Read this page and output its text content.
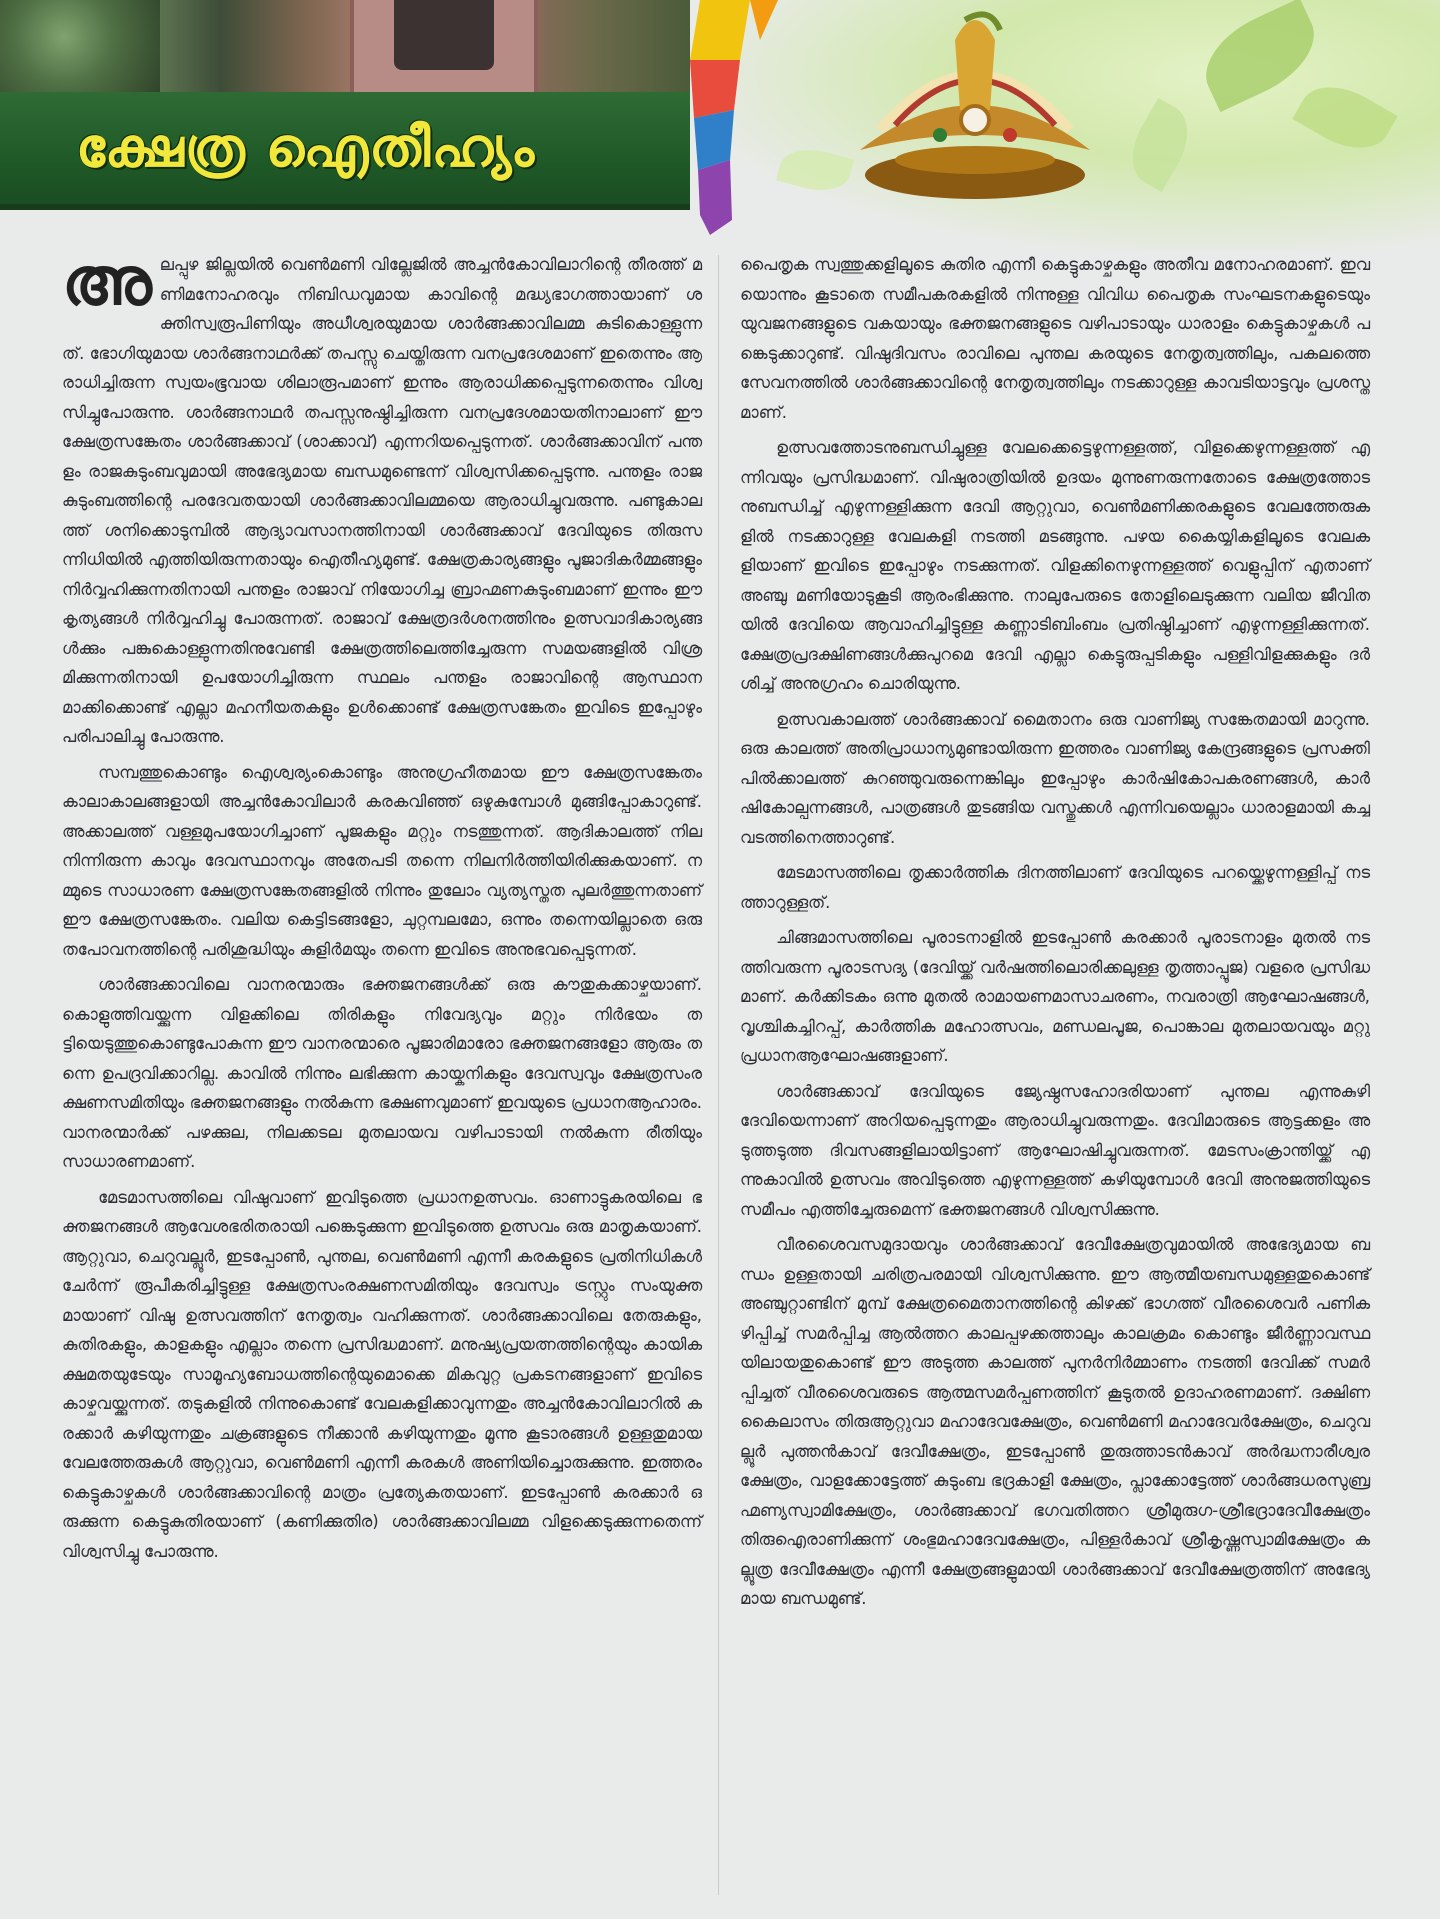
ക്ഷേത്ര ഐതീഹ്യം

അലപ്പുഴ ജില്ലയിൽ വെൺമണി വില്ലേജിൽ അച്ചൻകോവിലാറിന്റെ തീരത്ത് മണിമനോഹരവും നിബിഡവുമായ കാവിന്റെ മദ്ധ്യഭാഗത്തായാണ് ശക്തിസ്വരൂപിണിയും അധീശ്വരയുമായ ശാർങ്ങക്കാവിലമ്മ കുടികൊള്ളുന്നത്. ഭോഗിയുമായ ശാർങ്ങനാഥർക്ക് തപസ്സു ചെയ്തിരുന്ന വനപ്രദേശമാണ് ഇതെന്നും ആരാധിച്ചിരുന്ന സ്വയംഭൂവായ ശിലാരൂപമാണ് ഇന്നും ആരാധിക്കപ്പെടുന്നതെന്നും വിശ്വസിച്ചുപോരുന്നു. ശാർങ്ങനാഥർ തപസ്സനുഷ്ഠിച്ചിരുന്ന വനപ്രദേശമായതിനാലാണ് ഈ ക്ഷേത്രസങ്കേതം ശാർങ്ങക്കാവ് (ശാക്കാവ്) എന്നറിയപ്പെടുന്നത്. ശാർങ്ങക്കാവിന് പന്തളം രാജകുടുംബവുമായി അഭേദ്യമായ ബന്ധമുണ്ടെന്ന് വിശ്വസിക്കപ്പെടുന്നു. പന്തളം രാജകുടുംബത്തിന്റെ പരദേവതയായി ശാർങ്ങക്കാവിലമ്മയെ ആരാധിച്ചുവരുന്നു. പണ്ടുകാലത്ത് ശനിക്കൊടുമ്പിൽ ആദ്യാവസാനത്തിനായി ശാർങ്ങക്കാവ് ദേവിയുടെ തിരുസന്നിധിയിൽ എത്തിയിരുന്നതായും ഐതീഹ്യമുണ്ട്. ക്ഷേത്രകാര്യങ്ങളും പൂജാദികർമ്മങ്ങളും നിർവ്വഹിക്കുന്നതിനായി പന്തളം രാജാവ് നിയോഗിച്ച ബ്രാഹ്മണകുടുംബമാണ് ഇന്നും ഈ കൃത്യങ്ങൾ നിർവ്വഹിച്ചു പോരുന്നത്. രാജാവ് ക്ഷേത്രദർശനത്തിനും ഉത്സവാദികാര്യങ്ങൾക്കും പങ്കുകൊള്ളുന്നതിനുവേണ്ടി ക്ഷേത്രത്തിലെത്തിച്ചേരുന്ന സമയങ്ങളിൽ വിശ്രമിക്കുന്നതിനായി ഉപയോഗിച്ചിരുന്ന സ്ഥലം പന്തളം രാജാവിന്റെ ആസ്ഥാനമാക്കിക്കൊണ്ട് എല്ലാ മഹനീയതകളും ഉൾക്കൊണ്ട് ക്ഷേത്രസങ്കേതം ഇവിടെ ഇപ്പോഴും പരിപാലിച്ചു പോരുന്നു.

സമ്പത്തുകൊണ്ടും ഐശ്വര്യംകൊണ്ടും അനുഗ്രഹീതമായ ഈ ക്ഷേത്രസങ്കേതം കാലാകാലങ്ങളായി അച്ചൻകോവിലാർ കരകവിഞ്ഞ് ഒഴുകുമ്പോൾ മുങ്ങിപ്പോകാറുണ്ട്. അക്കാലത്ത് വള്ളമുപയോഗിച്ചാണ് പൂജകളും മറ്റും നടത്തുന്നത്. ആദികാലത്ത് നിലനിന്നിരുന്ന കാവും ദേവസ്ഥാനവും അതേപടി തന്നെ നിലനിർത്തിയിരിക്കുകയാണ്. നമ്മുടെ സാധാരണ ക്ഷേത്രസങ്കേതങ്ങളിൽ നിന്നും തുലോം വ്യത്യസ്തത പുലർത്തുന്നതാണ് ഈ ക്ഷേത്രസങ്കേതം. വലിയ കെട്ടിടങ്ങളോ, ചുറ്റമ്പലമോ, ഒന്നും തന്നെയില്ലാതെ ഒരു തപോവനത്തിന്റെ പരിശുദ്ധിയും കുളിർമയും തന്നെ ഇവിടെ അനുഭവപ്പെടുന്നത്.

ശാർങ്ങക്കാവിലെ വാനരന്മാരും ഭക്തജനങ്ങൾക്ക് ഒരു കൗതുകക്കാഴ്ചയാണ്. കൊളുത്തിവയ്ക്കുന്ന വിളക്കിലെ തിരികളും നിവേദ്യവും മറ്റും നിർഭയം തട്ടിയെടുത്തുകൊണ്ടുപോകുന്ന ഈ വാനരന്മാരെ പൂജാരിമാരോ ഭക്തജനങ്ങളോ ആരും തന്നെ ഉപദ്രവിക്കാറില്ല. കാവിൽ നിന്നും ലഭിക്കുന്ന കായ്കനികളും ദേവസ്വവും ക്ഷേത്രസംരക്ഷണസമിതിയും ഭക്തജനങ്ങളും നൽകുന്ന ഭക്ഷണവുമാണ് ഇവയുടെ പ്രധാനആഹാരം. വാനരന്മാർക്ക് പഴക്കുല, നിലക്കടല മുതലായവ വഴിപാടായി നൽകുന്ന രീതിയും സാധാരണമാണ്.

മേടമാസത്തിലെ വിഷുവാണ് ഇവിടുത്തെ പ്രധാനഉത്സവം. ഓണാട്ടുകരയിലെ ഭക്തജനങ്ങൾ ആവേശഭരിതരായി പങ്കെടുക്കുന്ന ഇവിടുത്തെ ഉത്സവം ഒരു മാതൃകയാണ്. ആറ്റുവാ, ചെറുവല്ലൂർ, ഇടപ്പോൺ, പുന്തല, വെൺമണി എന്നീ കരകളുടെ പ്രതിനിധികൾ ചേർന്ന് രൂപീകരിച്ചിട്ടുള്ള ക്ഷേത്രസംരക്ഷണസമിതിയും ദേവസ്വം ട്രസ്റ്റും സംയുക്തമായാണ് വിഷു ഉത്സവത്തിന് നേതൃത്വം വഹിക്കുന്നത്. ശാർങ്ങക്കാവിലെ തേരുകളും, കുതിരകളും, കാളകളും എല്ലാം തന്നെ പ്രസിദ്ധമാണ്. മനുഷ്യപ്രയത്നത്തിന്റെയും കായിക ക്ഷമതയുടേയും സാമൂഹ്യബോധത്തിന്റെയുമൊക്കെ മികവുറ്റ പ്രകടനങ്ങളാണ് ഇവിടെ കാഴ്ചവയ്ക്കുന്നത്. തടുകളിൽ നിന്നുകൊണ്ട് വേലകളിക്കാവുന്നതും അച്ചൻകോവിലാറിൽ കരക്കാർ കഴിയുന്നതും ചക്രങ്ങളുടെ നീക്കാൻ കഴിയുന്നതും മൂന്നു കൂടാരങ്ങൾ ഉള്ളതുമായ വേലത്തേരുകൾ ആറ്റുവാ, വെൺമണി എന്നീ കരകൾ അണിയിച്ചൊരുക്കുന്നു. ഇത്തരം കെട്ടുകാഴ്ചകൾ ശാർങ്ങക്കാവിന്റെ മാത്രം പ്രത്യേകതയാണ്. ഇടപ്പോൺ കരക്കാർ ഒരുക്കുന്ന കെട്ടുകുതിരയാണ് (കണിക്കുതിര) ശാർങ്ങക്കാവിലമ്മ വിളക്കെടുക്കുന്നതെന്ന് വിശ്വസിച്ചു പോരുന്നു.

പൈതൃക സ്വത്തുക്കളിലൂടെ കുതിര എന്നീ കെട്ടുകാഴ്ചകളും അതീവ മനോഹരമാണ്. ഇവയൊന്നും കൂടാതെ സമീപകരകളിൽ നിന്നുള്ള വിവിധ പൈതൃക സംഘടനകളുടെയും യുവജനങ്ങളുടെ വകയായും ഭക്തജനങ്ങളുടെ വഴിപാടായും ധാരാളം കെട്ടുകാഴ്ചകൾ പങ്കെടുക്കാറുണ്ട്. വിഷുദിവസം രാവിലെ പുന്തല കരയുടെ നേതൃത്വത്തിലും, പകലത്തെ സേവനത്തിൽ ശാർങ്ങക്കാവിന്റെ നേതൃത്വത്തിലും നടക്കാറുള്ള കാവടിയാട്ടവും പ്രശസ്തമാണ്.

ഉത്സവത്തോടനുബന്ധിച്ചുള്ള വേലക്കെട്ടെഴുന്നള്ളത്ത്, വിളക്കെഴുന്നള്ളത്ത് എന്നിവയും പ്രസിദ്ധമാണ്. വിഷുരാത്രിയിൽ ഉദയം മുന്നുണരുന്നതോടെ ക്ഷേത്രത്തോടനുബന്ധിച്ച് എഴുന്നള്ളിക്കുന്ന ദേവി ആറ്റുവാ, വെൺമണിക്കരകളുടെ വേലത്തേരുകളിൽ നടക്കാറുള്ള വേലകളി നടത്തി മടങ്ങുന്നു. പഴയ കൈയ്യികളിലൂടെ വേലകളിയാണ് ഇവിടെ ഇപ്പോഴും നടക്കുന്നത്. വിളക്കിനെഴുന്നള്ളത്ത് വെളുപ്പിന് എതാണ് അഞ്ചു മണിയോടുകൂടി ആരംഭിക്കുന്നു. നാലുപേരുടെ തോളിലെടുക്കുന്ന വലിയ ജീവിതയിൽ ദേവിയെ ആവാഹിച്ചിട്ടുള്ള കണ്ണാടിബിംബം പ്രതിഷ്ഠിച്ചാണ് എഴുന്നള്ളിക്കുന്നത്. ക്ഷേത്രപ്രദക്ഷിണങ്ങൾക്കുപുറമെ ദേവി എല്ലാ കെട്ടുരുപ്പടികളും പള്ളിവിളക്കുകളും ദർശിച്ച് അനുഗ്രഹം ചൊരിയുന്നു.

ഉത്സവകാലത്ത് ശാർങ്ങക്കാവ് മൈതാനം ഒരു വാണിജ്യ സങ്കേതമായി മാറുന്നു. ഒരു കാലത്ത് അതിപ്രാധാന്യമുണ്ടായിരുന്ന ഇത്തരം വാണിജ്യ കേന്ദ്രങ്ങളുടെ പ്രസക്തി പിൽക്കാലത്ത് കുറഞ്ഞുവരുന്നെങ്കിലും ഇപ്പോഴും കാർഷികോപകരണങ്ങൾ, കാർഷികോല്പന്നങ്ങൾ, പാത്രങ്ങൾ തുടങ്ങിയ വസ്തുക്കൾ എന്നിവയെല്ലാം ധാരാളമായി കച്ചവടത്തിനെത്താറുണ്ട്.

മേടമാസത്തിലെ തൃക്കാർത്തിക ദിനത്തിലാണ് ദേവിയുടെ പറയ്ക്കെഴുന്നള്ളിപ്പ് നടത്താറുള്ളത്.

ചിങ്ങമാസത്തിലെ പൂരാടനാളിൽ ഇടപ്പോൺ കരക്കാർ പൂരാടനാളം മുതൽ നടത്തിവരുന്ന പൂരാടസദ്യ (ദേവിയ്ക്ക് വർഷത്തിലൊരിക്കലുള്ള തൃത്താപ്പൂജ) വളരെ പ്രസിദ്ധമാണ്. കർക്കിടകം ഒന്നു മുതൽ രാമായണമാസാചരണം, നവരാത്രി ആഘോഷങ്ങൾ, വൃശ്ചികച്ചിറപ്പ്, കാർത്തിക മഹോത്സവം, മണ്ഡലപൂജ, പൊങ്കാല മുതലായവയും മറ്റു പ്രധാനആഘോഷങ്ങളാണ്.

ശാർങ്ങക്കാവ് ദേവിയുടെ ജ്യേഷ്ഠസഹോദരിയാണ് പുന്തല എന്നുകുഴി ദേവിയെന്നാണ് അറിയപ്പെടുന്നതും ആരാധിച്ചുവരുന്നതും. ദേവിമാരുടെ ആട്ടക്കളം അടുത്തടുത്ത ദിവസങ്ങളിലായിട്ടാണ് ആഘോഷിച്ചുവരുന്നത്. മേടസംക്രാന്തിയ്ക്ക് എന്നുകാവിൽ ഉത്സവം അവിടുത്തെ എഴുന്നള്ളത്ത് കഴിയുമ്പോൾ ദേവി അനുജത്തിയുടെ സമീപം എത്തിച്ചേരുമെന്ന് ഭക്തജനങ്ങൾ വിശ്വസിക്കുന്നു.

വീരശൈവസമുദായവും ശാർങ്ങക്കാവ് ദേവീക്ഷേത്രവുമായിൽ അഭേദ്യമായ ബന്ധം ഉള്ളതായി ചരിത്രപരമായി വിശ്വസിക്കുന്നു. ഈ ആത്മീയബന്ധമുള്ളതുകൊണ്ട് അഞ്ചുറ്റാണ്ടിന് മുമ്പ് ക്ഷേത്രമൈതാനത്തിന്റെ കിഴക്ക് ഭാഗത്ത് വീരശൈവർ പണികഴിപ്പിച്ച് സമർപ്പിച്ച ആൽത്തറ കാലപ്പഴക്കത്താലും കാലക്രമം കൊണ്ടും ജീർണ്ണാവസ്ഥയിലായതുകൊണ്ട് ഈ അടുത്ത കാലത്ത് പുനർനിർമ്മാണം നടത്തി ദേവിക്ക് സമർപ്പിച്ചത് വീരശൈവരുടെ ആത്മസമർപ്പണത്തിന് കൂടുതൽ ഉദാഹരണമാണ്. ദക്ഷിണകൈലാസം തിരുആറ്റുവാ മഹാദേവക്ഷേത്രം, വെൺമണി മഹാദേവർക്ഷേത്രം, ചെറുവല്ലൂർ പുത്തൻകാവ് ദേവീക്ഷേത്രം, ഇടപ്പോൺ തുരുത്താടൻകാവ് അർദ്ധനാരീശ്വരക്ഷേത്രം, വാളക്കോട്ടേത്ത് കുടുംബ ഭദ്രകാളി ക്ഷേത്രം, പ്ലാക്കോട്ടേത്ത് ശാർങ്ങധരസുബ്രഹ്മണ്യസ്വാമിക്ഷേത്രം, ശാർങ്ങക്കാവ് ഭഗവതിത്തറ ശ്രീമുരുഗ-ശ്രീഭദ്രാദേവീക്ഷേത്രം തിരുഐരാണിക്കുന്ന് ശംഭുമഹാദേവക്ഷേത്രം, പിള്ളർകാവ് ശ്രീകൃഷ്ണസ്വാമിക്ഷേത്രം കല്ലൂത്ര ദേവീക്ഷേത്രം എന്നീ ക്ഷേത്രങ്ങളുമായി ശാർങ്ങക്കാവ് ദേവീക്ഷേത്രത്തിന് അഭേദ്യമായ ബന്ധമുണ്ട്.
